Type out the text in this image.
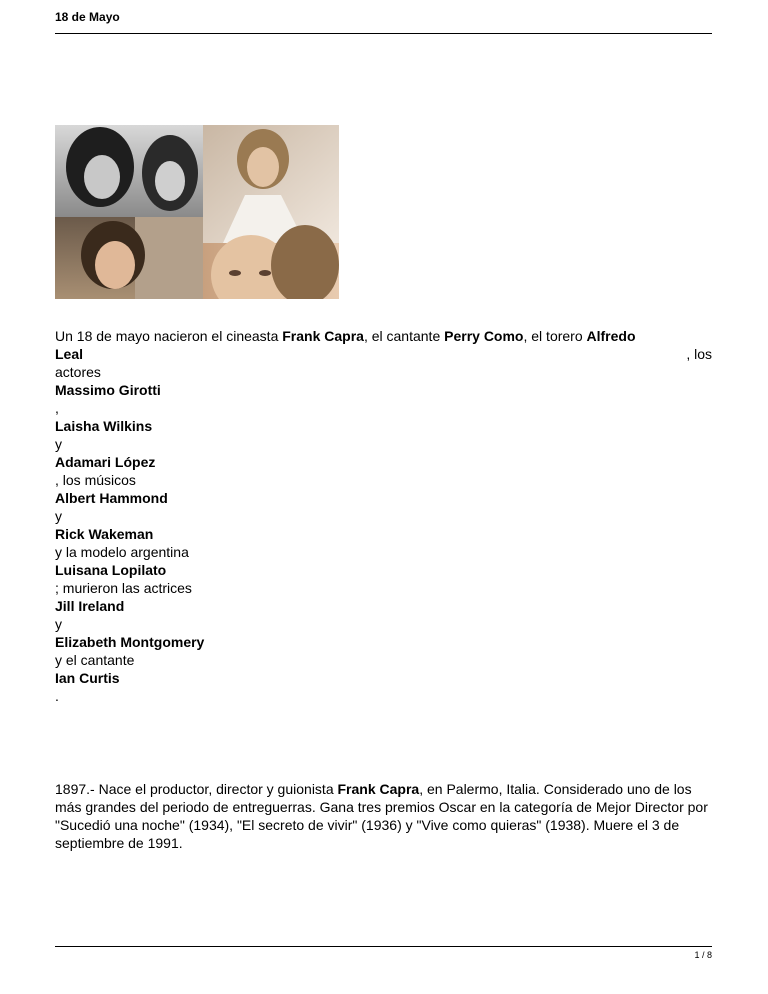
18 de Mayo
Un 18 de mayo nacieron el cineasta Frank Capra, el cantante Perry Como, el torero Alfredo
Leal	, los

actores

Massimo Girotti

,

Laisha Wilkins

y

Adamari López

, los músicos

Albert Hammond

y

Rick Wakeman

y la modelo argentina

Luisana Lopilato

; murieron las actrices

Jill Ireland

y

Elizabeth Montgomery

y el cantante

Ian Curtis

.

1897.- Nace el productor, director y guionista Frank Capra, en Palermo, Italia. Considerado uno de los más grandes del periodo de entreguerras. Gana tres premios Oscar en la categoría de Mejor Director por "Sucedió una noche" (1934), "El secreto de vivir" (1936) y "Vive como quieras" (1938). Muere el 3 de septiembre de 1991.

1 / 8
